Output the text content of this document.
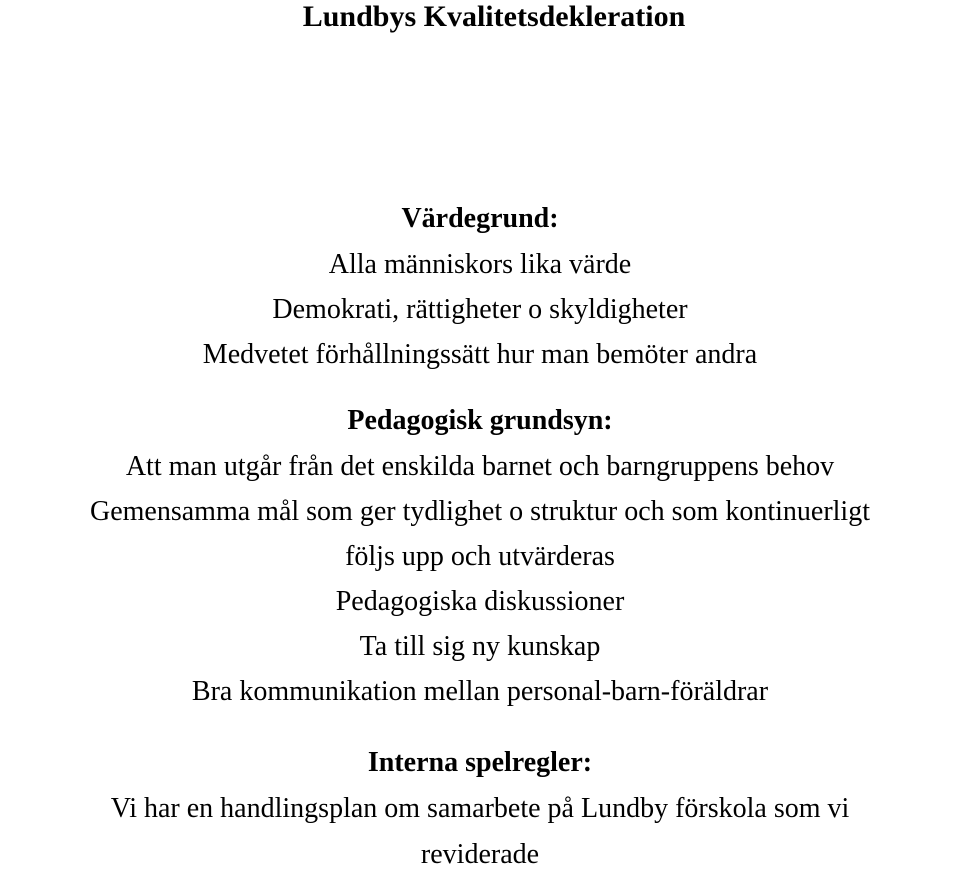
Lundbys Kvalitetsdekleration

Värdegrund:

Alla människors lika värde

Demokrati, rättigheter o skyldigheter

Medvetet förhållningssätt hur man bemöter andra

Pedagogisk grundsyn:

Att man utgår från det enskilda barnet och barngruppens behov

Gemensamma mål som ger tydlighet o struktur och som kontinuerligt

följs upp och utvärderas

Pedagogiska diskussioner

Ta till sig ny kunskap

Bra kommunikation mellan personal-barn-föräldrar

Interna spelregler:

Vi har en handlingsplan om samarbete på Lundby förskola som vi

reviderade
